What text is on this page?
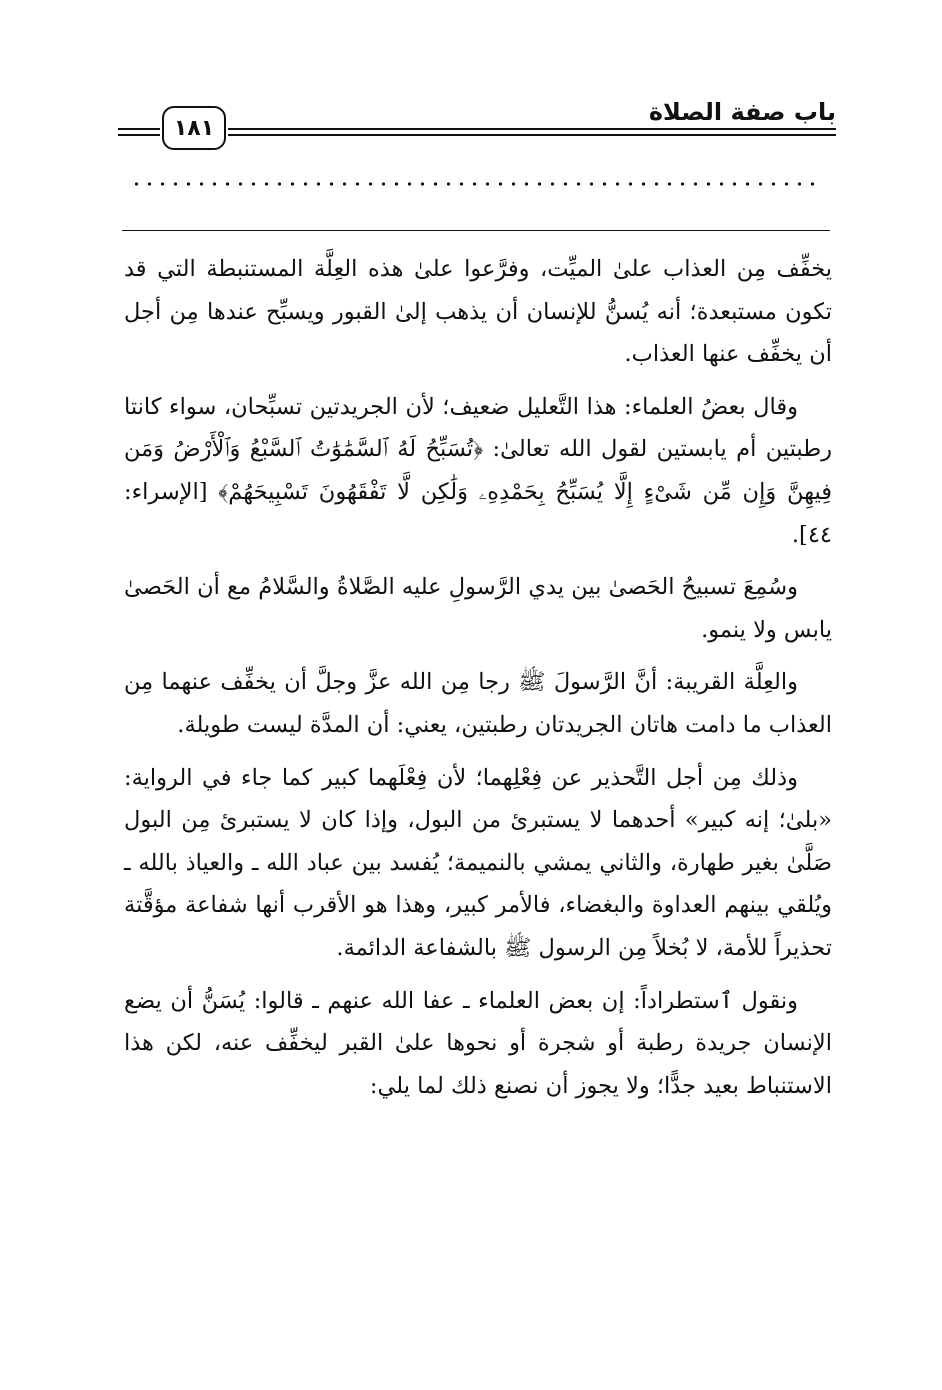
باب صفة الصلاة
١٨١

يخفِّف مِن العذاب علىٰ الميِّت، وفرَّعوا علىٰ هذه العِلَّة المستنبطة التي قد تكون مستبعدة؛ أنه يُسنُّ للإنسان أن يذهب إلىٰ القبور ويسبِّح عندها مِن أجل أن يخفِّف عنها العذاب.

وقال بعضُ العلماء: هذا التَّعليل ضعيف؛ لأن الجريدتين تسبِّحان، سواء كانتا رطبتين أم يابستين لقول الله تعالىٰ: ﴿تُسَبِّحُ لَهُ ٱلسَّمَٰوَٰتُ ٱلسَّبْعُ وَٱلْأَرْضُ وَمَن فِيهِنَّ وَإِن مِّن شَىْءٍ إِلَّا يُسَبِّحُ بِحَمْدِهِۦ وَلَٰكِن لَّا تَفْقَهُونَ تَسْبِيحَهُمْ﴾ [الإسراء: ٤٤].

وسُمِعَ تسبيحُ الحَصىٰ بين يدي الرَّسولِ عليه الصَّلاةُ والسَّلامُ مع أن الحَصىٰ يابس ولا ينمو.

والعِلَّة القريبة: أنَّ الرَّسولَ ﷺ رجا مِن الله عزَّ وجلَّ أن يخفِّف عنهما مِن العذاب ما دامت هاتان الجريدتان رطبتين، يعني: أن المدَّة ليست طويلة.

وذلك مِن أجل التَّحذير عن فِعْلِهما؛ لأن فِعْلَهما كبير كما جاء في الرواية: «بلىٰ؛ إنه كبير» أحدهما لا يستبرئ من البول، وإذا كان لا يستبرئ مِن البول صَلَّىٰ بغير طهارة، والثاني يمشي بالنميمة؛ يُفسد بين عباد الله ـ والعياذ بالله ـ ويُلقي بينهم العداوة والبغضاء، فالأمر كبير، وهذا هو الأقرب أنها شفاعة مؤقَّتة تحذيراً للأمة، لا بُخلاً مِن الرسول ﷺ بالشفاعة الدائمة.

ونقول ٱستطراداً: إن بعض العلماء ـ عفا الله عنهم ـ قالوا: يُسَنُّ أن يضع الإنسان جريدة رطبة أو شجرة أو نحوها علىٰ القبر ليخفِّف عنه، لكن هذا الاستنباط بعيد جدًّا؛ ولا يجوز أن نصنع ذلك لما يلي:
